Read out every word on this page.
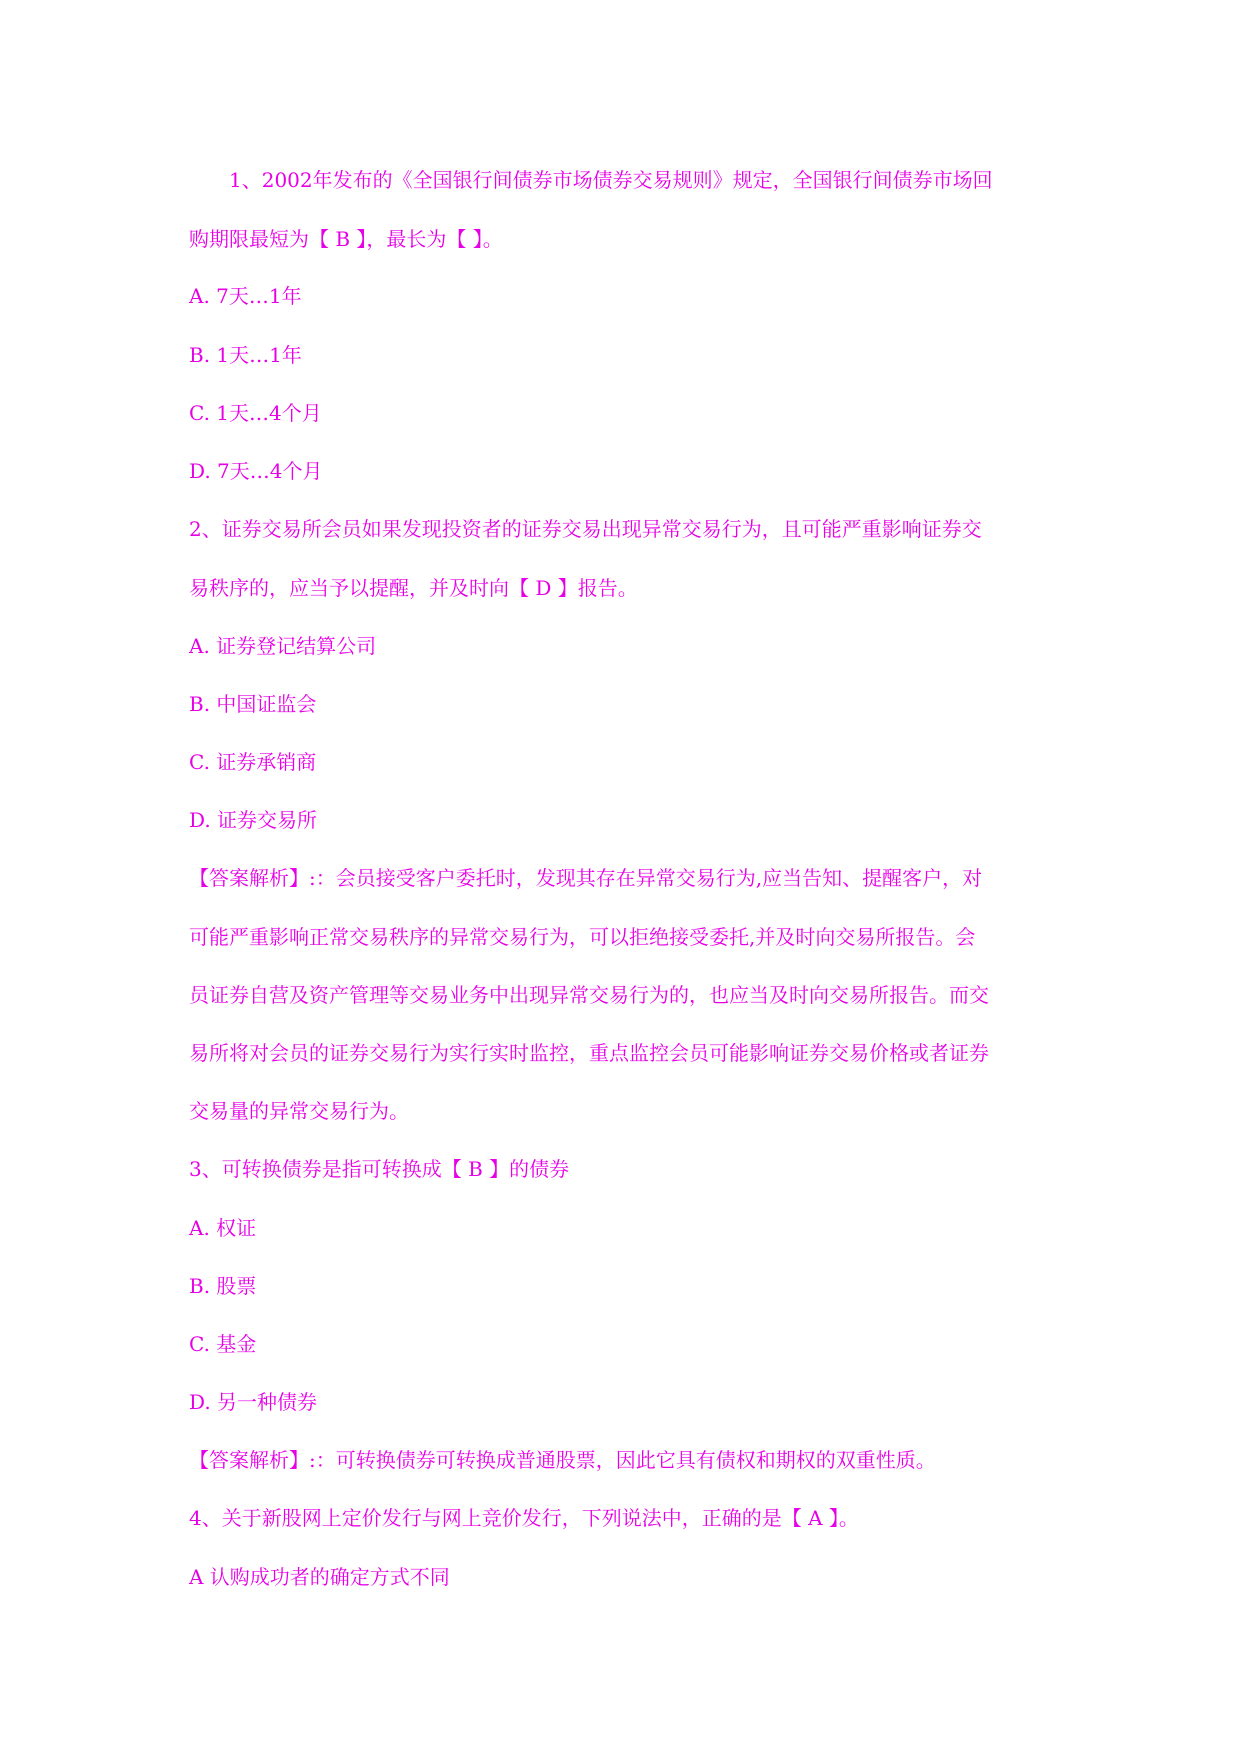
1、2002年发布的《全国银行间债券市场债券交易规则》规定，全国银行间债券市场回
购期限最短为【 B 】，最长为【 】。
A. 7天…1年
B. 1天…1年
C. 1天…4个月
D. 7天…4个月
2、证券交易所会员如果发现投资者的证券交易出现异常交易行为，且可能严重影响证券交
易秩序的，应当予以提醒，并及时向【 D 】报告。
A. 证券登记结算公司
B. 中国证监会
C. 证券承销商
D. 证券交易所
【答案解析】:：会员接受客户委托时，发现其存在异常交易行为,应当告知、提醒客户，对
可能严重影响正常交易秩序的异常交易行为，可以拒绝接受委托,并及时向交易所报告。会
员证券自营及资产管理等交易业务中出现异常交易行为的，也应当及时向交易所报告。而交
易所将对会员的证券交易行为实行实时监控，重点监控会员可能影响证券交易价格或者证券
交易量的异常交易行为。
3、可转换债券是指可转换成【 B 】的债券
A. 权证
B. 股票
C. 基金
D. 另一种债券
【答案解析】:：可转换债券可转换成普通股票，因此它具有债权和期权的双重性质。
4、关于新股网上定价发行与网上竞价发行，下列说法中，正确的是【 A 】。
A 认购成功者的确定方式不同
